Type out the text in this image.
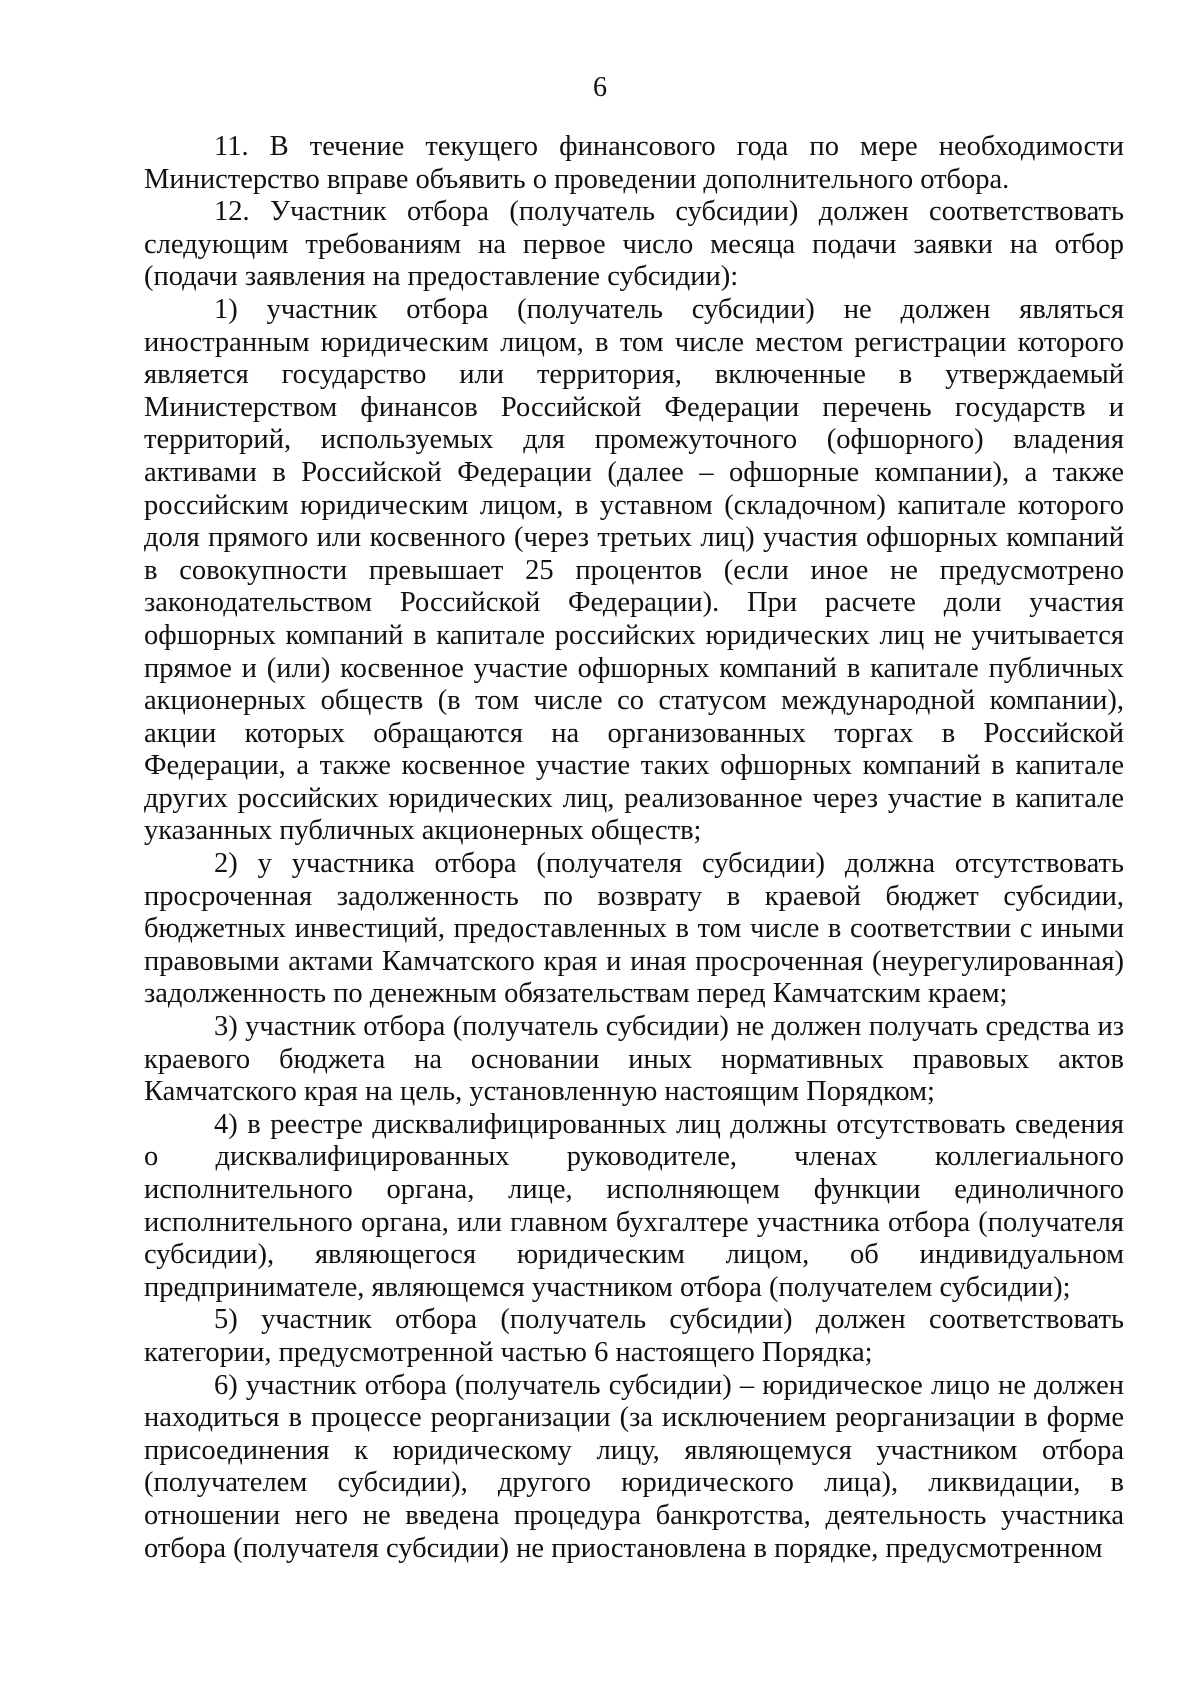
6

11. В течение текущего финансового года по мере необходимости Министерство вправе объявить о проведении дополнительного отбора.

12. Участник отбора (получатель субсидии) должен соответствовать следующим требованиям на первое число месяца подачи заявки на отбор (подачи заявления на предоставление субсидии):

1) участник отбора (получатель субсидии) не должен являться иностранным юридическим лицом, в том числе местом регистрации которого является государство или территория, включенные в утверждаемый Министерством финансов Российской Федерации перечень государств и территорий, используемых для промежуточного (офшорного) владения активами в Российской Федерации (далее – офшорные компании), а также российским юридическим лицом, в уставном (складочном) капитале которого доля прямого или косвенного (через третьих лиц) участия офшорных компаний в совокупности превышает 25 процентов (если иное не предусмотрено законодательством Российской Федерации). При расчете доли участия офшорных компаний в капитале российских юридических лиц не учитывается прямое и (или) косвенное участие офшорных компаний в капитале публичных акционерных обществ (в том числе со статусом международной компании), акции которых обращаются на организованных торгах в Российской Федерации, а также косвенное участие таких офшорных компаний в капитале других российских юридических лиц, реализованное через участие в капитале указанных публичных акционерных обществ;

2) у участника отбора (получателя субсидии) должна отсутствовать просроченная задолженность по возврату в краевой бюджет субсидии, бюджетных инвестиций, предоставленных в том числе в соответствии с иными правовыми актами Камчатского края и иная просроченная (неурегулированная) задолженность по денежным обязательствам перед Камчатским краем;

3) участник отбора (получатель субсидии) не должен получать средства из краевого бюджета на основании иных нормативных правовых актов Камчатского края на цель, установленную настоящим Порядком;

4) в реестре дисквалифицированных лиц должны отсутствовать сведения о дисквалифицированных руководителе, членах коллегиального исполнительного органа, лице, исполняющем функции единоличного исполнительного органа, или главном бухгалтере участника отбора (получателя субсидии), являющегося юридическим лицом, об индивидуальном предпринимателе, являющемся участником отбора (получателем субсидии);

5) участник отбора (получатель субсидии) должен соответствовать категории, предусмотренной частью 6 настоящего Порядка;

6) участник отбора (получатель субсидии) – юридическое лицо не должен находиться в процессе реорганизации (за исключением реорганизации в форме присоединения к юридическому лицу, являющемуся участником отбора (получателем субсидии), другого юридического лица), ликвидации, в отношении него не введена процедура банкротства, деятельность участника отбора (получателя субсидии) не приостановлена в порядке, предусмотренном
